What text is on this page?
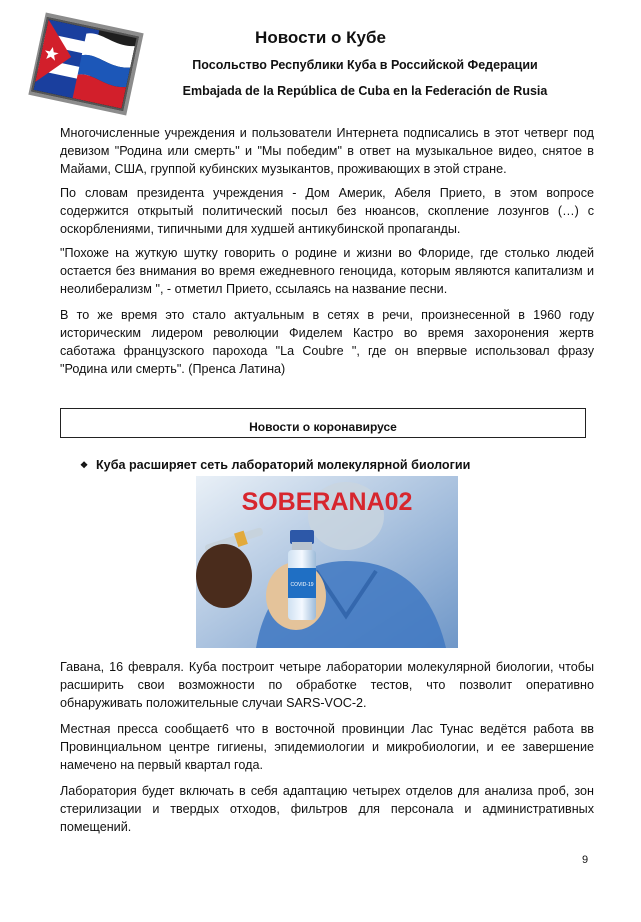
Новости о Кубе
Посольство Республики Куба в Российской Федерации
Embajada de la República de Cuba en la Federación de Rusia

Многочисленные учреждения и пользователи Интернета подписались в этот четверг под девизом "Родина или смерть" и "Мы победим" в ответ на музыкальное видео, снятое в Майами, США, группой кубинских музыкантов, проживающих в этой стране.

По словам президента учреждения - Дом Америк, Абеля Прието, в этом вопросе содержится открытый политический посыл без нюансов, скопление лозунгов (…) с оскорблениями, типичными для худшей антикубинской пропаганды.

"Похоже на жуткую шутку говорить о родине и жизни во Флориде, где столько людей остается без внимания во время ежедневного геноцида, которым являются капитализм и неолиберализм ", - отметил Прието, ссылаясь на название песни.

В то же время это стало актуальным в сетях в речи, произнесенной в 1960 году историческим лидером революции Фиделем Кастро во время захоронения жертв саботажа французского парохода "La Coubre ", где он впервые использовал фразу "Родина или смерть". (Пренса Латина)

Новости о коронавирусе
❖ Куба расширяет сеть лабораторий молекулярной биологии
COVID-19
SOBERANA02

Гавана, 16 февраля. Куба построит четыре лаборатории молекулярной биологии, чтобы расширить свои возможности по обработке тестов, что позволит оперативно обнаруживать положительные случаи SARS-VOC-2.

Местная пресса сообщает6 что в восточной провинции Лас Тунас ведётся работа вв Провинциальном центре гигиены, эпидемиологии и микробиологии, и ее завершение намечено на первый квартал года.

Лаборатория будет включать в себя адаптацию четырех отделов для анализа проб, зон стерилизации и твердых отходов, фильтров для персонала и административных помещений.

9
